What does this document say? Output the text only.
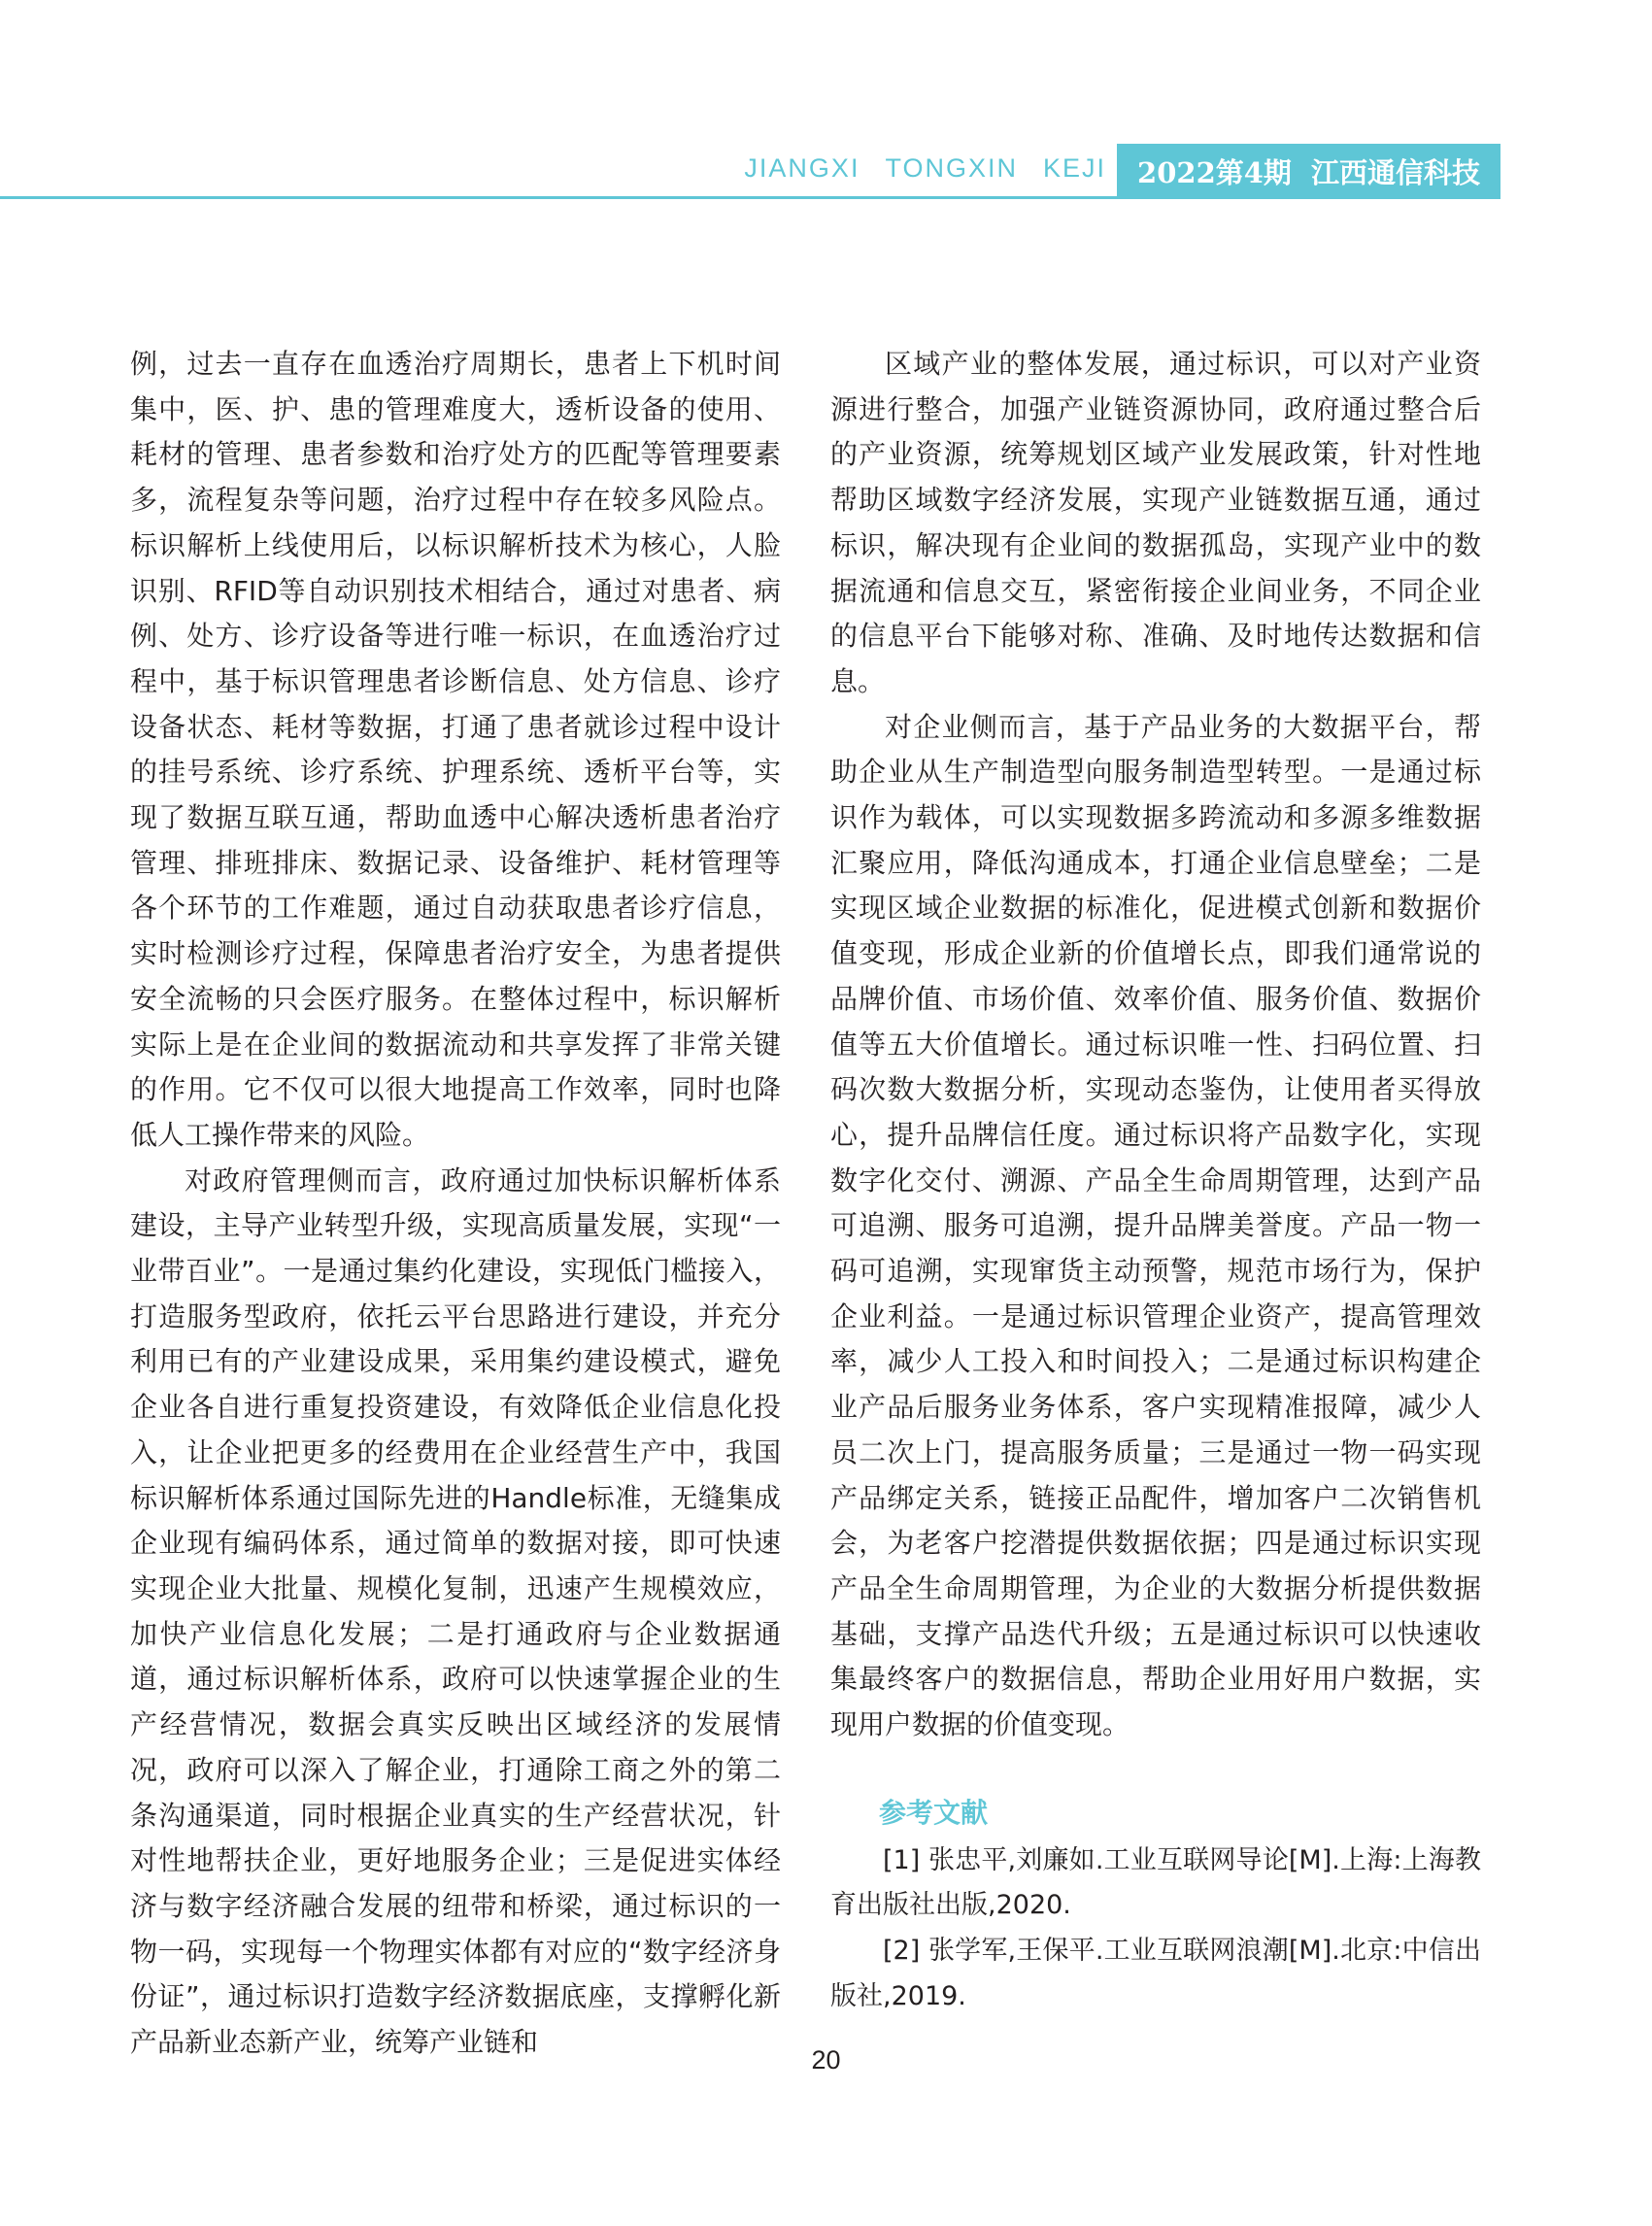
JIANGXI TONGXIN KEJI 2022第4期 江西通信科技

例，过去一直存在血透治疗周期长，患者上下机时间集中，医、护、患的管理难度大，透析设备的使用、耗材的管理、患者参数和治疗处方的匹配等管理要素多，流程复杂等问题，治疗过程中存在较多风险点。标识解析上线使用后，以标识解析技术为核心，人脸识别、RFID等自动识别技术相结合，通过对患者、病例、处方、诊疗设备等进行唯一标识，在血透治疗过程中，基于标识管理患者诊断信息、处方信息、诊疗设备状态、耗材等数据，打通了患者就诊过程中设计的挂号系统、诊疗系统、护理系统、透析平台等，实现了数据互联互通，帮助血透中心解决透析患者治疗管理、排班排床、数据记录、设备维护、耗材管理等各个环节的工作难题，通过自动获取患者诊疗信息，实时检测诊疗过程，保障患者治疗安全，为患者提供安全流畅的只会医疗服务。在整体过程中，标识解析实际上是在企业间的数据流动和共享发挥了非常关键的作用。它不仅可以很大地提高工作效率，同时也降低人工操作带来的风险。

对政府管理侧而言，政府通过加快标识解析体系建设，主导产业转型升级，实现高质量发展，实现“一业带百业”。一是通过集约化建设，实现低门槛接入，打造服务型政府，依托云平台思路进行建设，并充分利用已有的产业建设成果，采用集约建设模式，避免企业各自进行重复投资建设，有效降低企业信息化投入，让企业把更多的经费用在企业经营生产中，我国标识解析体系通过国际先进的Handle标准，无缝集成企业现有编码体系，通过简单的数据对接，即可快速实现企业大批量、规模化复制，迅速产生规模效应，加快产业信息化发展；二是打通政府与企业数据通道，通过标识解析体系，政府可以快速掌握企业的生产经营情况，数据会真实反映出区域经济的发展情况，政府可以深入了解企业，打通除工商之外的第二条沟通渠道，同时根据企业真实的生产经营状况，针对性地帮扶企业，更好地服务企业；三是促进实体经济与数字经济融合发展的纽带和桥梁，通过标识的一物一码，实现每一个物理实体都有对应的“数字经济身份证”，通过标识打造数字经济数据底座，支撑孵化新产品新业态新产业，统筹产业链和

区域产业的整体发展，通过标识，可以对产业资源进行整合，加强产业链资源协同，政府通过整合后的产业资源，统筹规划区域产业发展政策，针对性地帮助区域数字经济发展，实现产业链数据互通，通过标识，解决现有企业间的数据孤岛，实现产业中的数据流通和信息交互，紧密衔接企业间业务，不同企业的信息平台下能够对称、准确、及时地传达数据和信息。

对企业侧而言，基于产品业务的大数据平台，帮助企业从生产制造型向服务制造型转型。一是通过标识作为载体，可以实现数据多跨流动和多源多维数据汇聚应用，降低沟通成本，打通企业信息壁垒；二是实现区域企业数据的标准化，促进模式创新和数据价值变现，形成企业新的价值增长点，即我们通常说的品牌价值、市场价值、效率价值、服务价值、数据价值等五大价值增长。通过标识唯一性、扫码位置、扫码次数大数据分析，实现动态鉴伪，让使用者买得放心，提升品牌信任度。通过标识将产品数字化，实现数字化交付、溯源、产品全生命周期管理，达到产品可追溯、服务可追溯，提升品牌美誉度。产品一物一码可追溯，实现窜货主动预警，规范市场行为，保护企业利益。一是通过标识管理企业资产，提高管理效率，减少人工投入和时间投入；二是通过标识构建企业产品后服务业务体系，客户实现精准报障，减少人员二次上门，提高服务质量；三是通过一物一码实现产品绑定关系，链接正品配件，增加客户二次销售机会，为老客户挖潜提供数据依据；四是通过标识实现产品全生命周期管理，为企业的大数据分析提供数据基础，支撑产品迭代升级；五是通过标识可以快速收集最终客户的数据信息，帮助企业用好用户数据，实现用户数据的价值变现。

参考文献

[1] 张忠平,刘廉如.工业互联网导论[M].上海:上海教育出版社出版,2020.

[2] 张学军,王保平.工业互联网浪潮[M].北京:中信出版社,2019.

20
